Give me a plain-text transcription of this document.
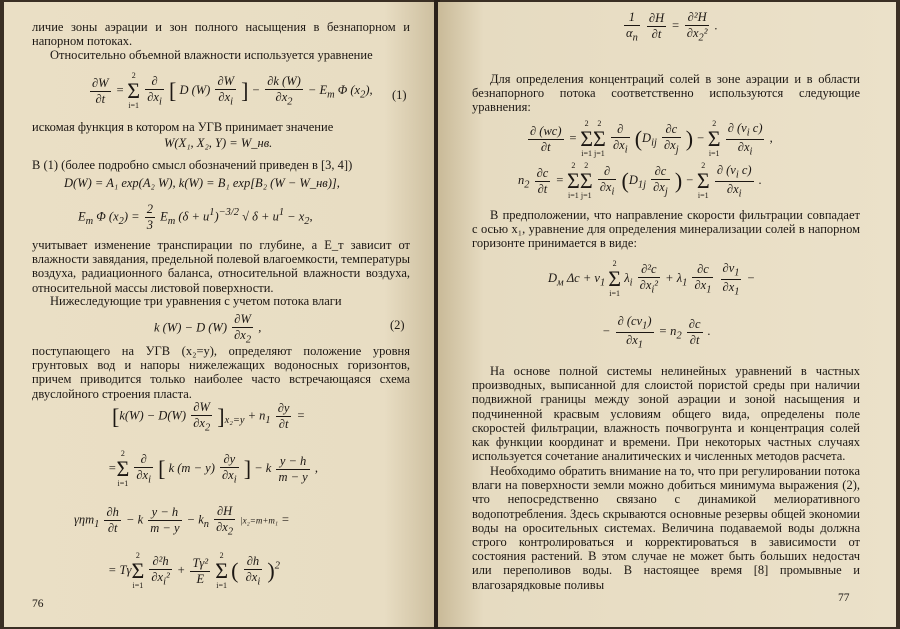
личие зоны аэрации и зон полного насыщения в безнапорном и напорном потоках.
Относительно объемной влажности используется уравнение
$\frac{\partial W}{\partial t} = 2$
Σ
$i=1 \frac{\partial}{\partial x_i}$ [ D $(W) \frac{\partial W}{\partial x_i}$ ] − $\frac{\partial k (W)}{\partial x_2} - E_т$ Φ $(x_2)$, (1)
искомая функция в котором на УГВ принимает значение
W(X₁, X₂, Y) = W_нв.
В (1) (более подробно смысл обозначений приведен в [3, 4])
D(W) = A₁ exp(A₂ W), k(W) = B₁ exp[B₂ (W − W_нв)],
$E_т$ Φ $(x_2) = \frac{2}{3} E_т$ $(\delta + u^1)^{-3/2}$ √ $\delta + u^1 - x_2$,
учитывает изменение транспирации по глубине, а E_т зависит от влажности завядания, предельной полевой влагоемкости, температуры воздуха, радиационного баланса, относительной влажности воздуха, относительной массы листовой поверхности.
Нижеследующие три уравнения с учетом потока влаги
k (W) − D $(W) \frac{\partial W}{\partial x_2}$ ,	(2)
поступающего на УГВ (x₂=y), определяют положение уровня грунтовых вод и напоры нижележащих водоносных горизонтов, причем приводится только наиболее часто встречающаяся схема двуслойного строения пласта.
$[k(W) - D(W) \frac{\partial W}{\partial x_2} ]_{x_2=y} + n_1 \frac{\partial y}{\partial t}$ =
=2
Σ
$i=1 \frac{\partial}{\partial x_i}$ [ k $(m - y) \frac{\partial y}{\partial x_i}$ ] − k $\frac{y - h}{m - y}$ ,
$\gamma\eta m_1 \frac{\partial h}{\partial t} - k \frac{y - h}{m - y} - k_п \frac{\partial H}{\partial x_2} |x_2=m+m_1$ =
= Tγ2
Σ
$i=1 \frac{\text{∂²h}}{\partial x_i^2} + \frac{\text{Tγ²}}{E} 2$
Σ
i=1 ( $\frac{\partial h}{\partial x_i} )^2$
76
$\frac{1}{\alpha_n}$
$\frac{\partial H}{\partial t} = \frac{\text{∂²H}}{\partial x_2^2}$ .
Для определения концентраций солей в зоне аэрации и в области безнапорного потока соответственно используются следующие уравнения:
$\frac{\partial (wc)}{\partial t} = 2$
Σ
i=12
Σ
$j=1 \frac{\partial}{\partial x_i} (D_{ij} \frac{\partial c}{\partial x_j}$ ) − 2
Σ
$i=1 \frac{\partial (v_i c)}{\partial x_i}$ ,
$n_2 \frac{\partial c}{\partial t} = 2$
Σ
i=12
Σ
$j=1 \frac{\partial}{\partial x_i} (D_{1j} \frac{\partial c}{\partial x_j}$ ) − 2
Σ
$i=1 \frac{\partial (v_i c)}{\partial x_i}$ .
В предположении, что направление скорости фильтрации совпадает с осью x₁, уравнение для определения минерализации солей в напорном горизонте принимается в виде:
$D_м$ $\Delta c + v_1$ 2
Σ
i=1 $\lambda_i \frac{\text{∂²c}}{\partial x_i^2} + \lambda_1 \frac{\partial c}{\partial x_1}$
$\frac{\partial v_1}{\partial x_1}$ −
− $\frac{\partial (cv_1)}{\partial x_1} = n_2 \frac{\partial c}{\partial t}$ .
На основе полной системы нелинейных уравнений в частных производных, выписанной для слоистой пористой среды при наличии подвижной границы между зоной аэрации и зоной насыщения и подчиненной красвым условиям общего вида, определены поле скоростей фильтрации, влажность почвогрунта и концентрация солей как функции координат и времени. При некоторых частных случаях используется сочетание аналитических и численных методов расчета.
Необходимо обратить внимание на то, что при регулировании потока влаги на поверхности земли можно добиться минимума выражения (2), что непосредственно связано с динамикой мелиоративного водопотребления. Здесь скрываются основные резервы общей экономии воды на оросительных системах. Величина подаваемой воды должна строго контролироваться и корректироваться в зависимости от состояния растений. В этом случае не может быть больших недостач или переполивов воды. В настоящее время [8] промывные и влагозарядковые поливы
77
